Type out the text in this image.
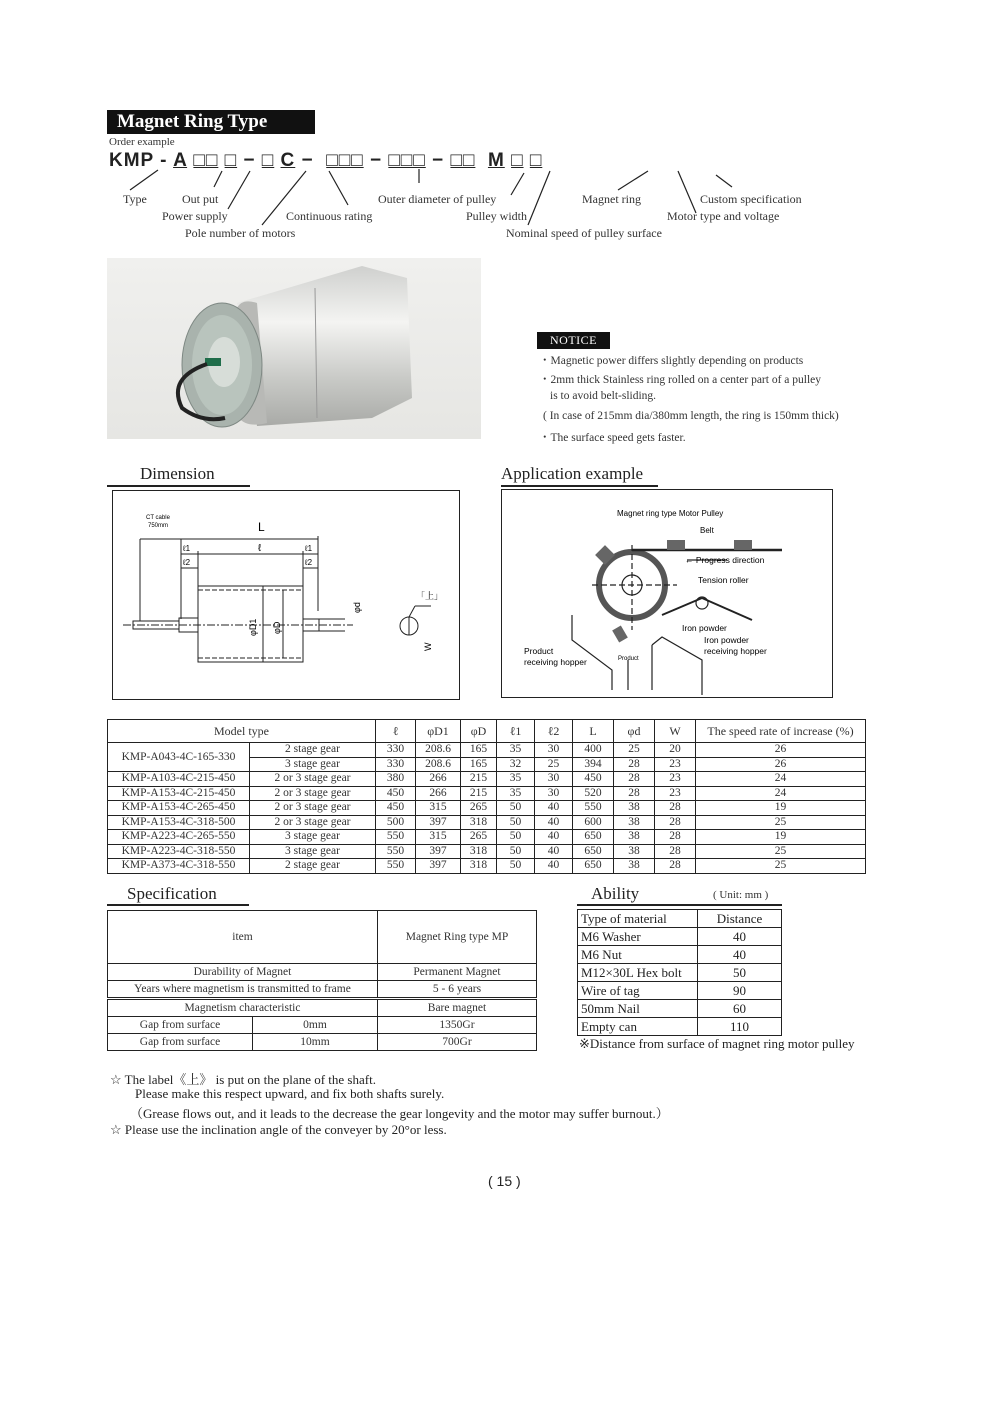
Magnet Ring Type
Order example
KMP - A □□ □ − □ C − □□□ − □□□ − □□ M □ □
Type	Out put
Power supply
Pole number of motors
Continuous rating
Outer diameter of pulley
Pulley width
Nominal speed of pulley surface
Magnet ring
Motor type and voltage
Custom specification
NOTICE
・Magnetic power differs slightly depending on products
・2mm thick Stainless ring rolled on a center part of a pulley
is to avoid belt-sliding.
( In case of 215mm dia/380mm length, the ring is 150mm thick)
・The surface speed gets faster.
Dimension
CT cable
750mm	L
ℓ
ℓ1	ℓ1
ℓ2	ℓ2
φD1 φD
φd
W
「上」
Application example
Magnet ring type Motor Pulley
Belt
← Progress direction
Tension roller
Iron powder
Iron powder
receiving hopper
Product
receiving hopper	Product
Model type		ℓ	φD1	φD	ℓ1	ℓ2	L	φd	W	The speed rate of increase (%)
KMP-A043-4C-165-330	2 stage gear	330	208.6	165	35	30	400	25	20	26
	3 stage gear	330	208.6	165	32	25	394	28	23	26
KMP-A103-4C-215-450	2 or 3 stage gear	380	266	215	35	30	450	28	23	24
KMP-A153-4C-215-450	2 or 3 stage gear	450	266	215	35	30	520	28	23	24
KMP-A153-4C-265-450	2 or 3 stage gear	450	315	265	50	40	550	38	28	19
KMP-A153-4C-318-500	2 or 3 stage gear	500	397	318	50	40	600	38	28	25
KMP-A223-4C-265-550	3 stage gear	550	315	265	50	40	650	38	28	19
KMP-A223-4C-318-550	3 stage gear	550	397	318	50	40	650	38	28	25
KMP-A373-4C-318-550	2 stage gear	550	397	318	50	40	650	38	28	25
Specification
item		Magnet Ring type MP
Durability of Magnet		Permanent Magnet
Years where magnetism is transmitted to frame		5 - 6 years
Magnetism characteristic		Bare magnet
Gap from surface	0mm	1350Gr
Gap from surface	10mm	700Gr
Ability	( Unit: mm )
Type of material	Distance
M6 Washer	40
M6 Nut	40
M12×30L Hex bolt	50
Wire of tag	90
50mm Nail	60
Empty can	110
※Distance from surface of magnet ring motor pulley
☆ The label《上》 is put on the plane of the shaft.
Please make this respect upward, and fix both shafts surely.
（Grease flows out, and it leads to the decrease the gear longevity and the motor may suffer burnout.）
☆ Please use the inclination angle of the conveyer by 20°or less.
( 15 )
